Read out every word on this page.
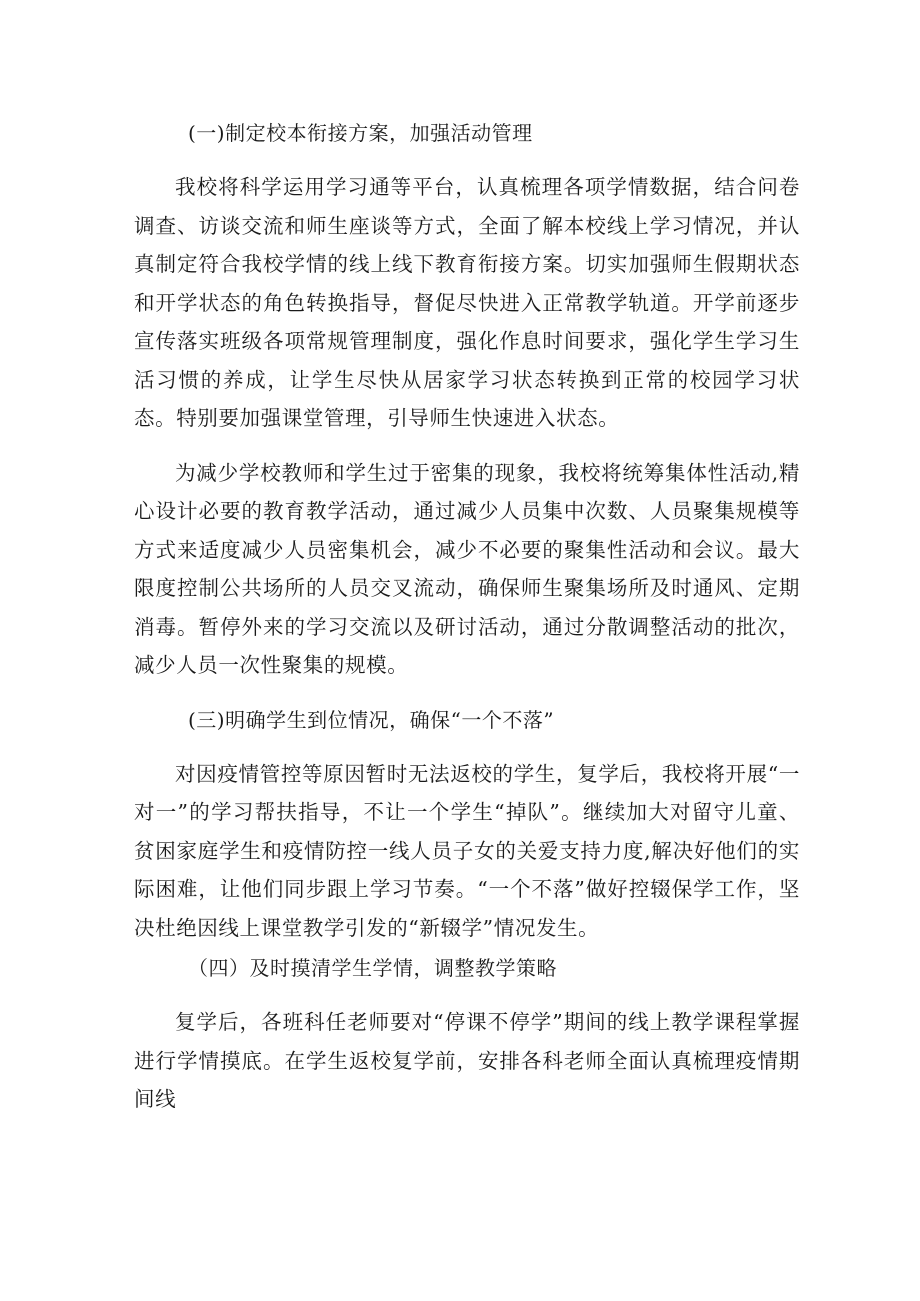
(一)制定校本衔接方案，加强活动管理

我校将科学运用学习通等平台，认真梳理各项学情数据，结合问卷调查、访谈交流和师生座谈等方式，全面了解本校线上学习情况，并认真制定符合我校学情的线上线下教育衔接方案。切实加强师生假期状态和开学状态的角色转换指导，督促尽快进入正常教学轨道。开学前逐步宣传落实班级各项常规管理制度，强化作息时间要求，强化学生学习生活习惯的养成，让学生尽快从居家学习状态转换到正常的校园学习状态。特别要加强课堂管理，引导师生快速进入状态。

为减少学校教师和学生过于密集的现象，我校将统筹集体性活动,精心设计必要的教育教学活动，通过减少人员集中次数、人员聚集规模等方式来适度减少人员密集机会，减少不必要的聚集性活动和会议。最大限度控制公共场所的人员交叉流动，确保师生聚集场所及时通风、定期消毒。暂停外来的学习交流以及研讨活动，通过分散调整活动的批次，减少人员一次性聚集的规模。

(三)明确学生到位情况，确保“一个不落”

对因疫情管控等原因暂时无法返校的学生，复学后，我校将开展“一对一”的学习帮扶指导，不让一个学生“掉队”。继续加大对留守儿童、贫困家庭学生和疫情防控一线人员子女的关爱支持力度,解决好他们的实际困难，让他们同步跟上学习节奏。“一个不落”做好控辍保学工作，坚决杜绝因线上课堂教学引发的“新辍学”情况发生。

（四）及时摸清学生学情，调整教学策略

复学后，各班科任老师要对“停课不停学”期间的线上教学课程掌握进行学情摸底。在学生返校复学前，安排各科老师全面认真梳理疫情期间线
